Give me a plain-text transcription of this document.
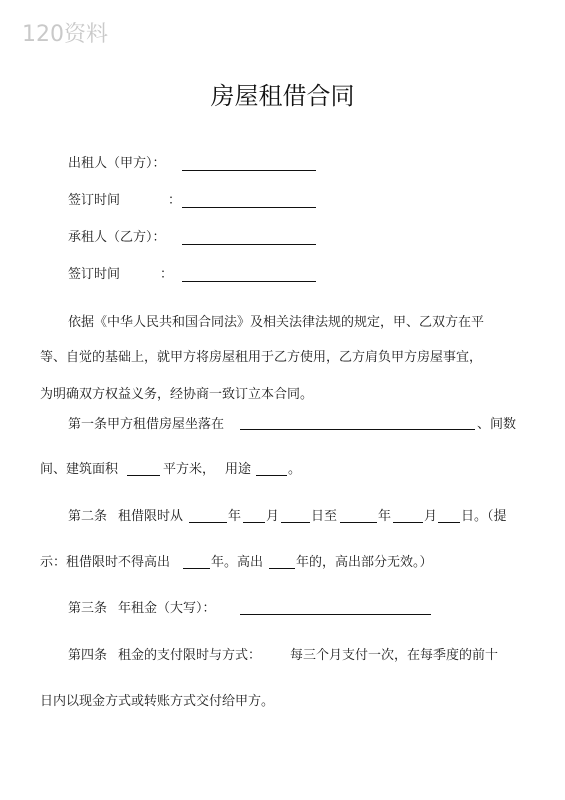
120资料
房屋租借合同
出租人（甲方）：
签订时间	：
承租人（乙方）：
签订时间	：
依据《中华人民共和国合同法》及相关法律法规的规定，甲、乙双方在平
等、自觉的基础上，就甲方将房屋租用于乙方使用，乙方肩负甲方房屋事宜，
为明确双方权益义务，经协商一致订立本合同。
第一条甲方租借房屋坐落在	、间数
间、建筑面积	平方米， 用途	。
第二条 租借限时从	年 月 日至	年	月 日。（提
示：租借限时不得高出	年。高出	年的，高出部分无效。）
第三条 年租金（大写）：
第四条 租金的支付限时与方式： 每三个月支付一次，在每季度的前十
日内以现金方式或转账方式交付给甲方。
